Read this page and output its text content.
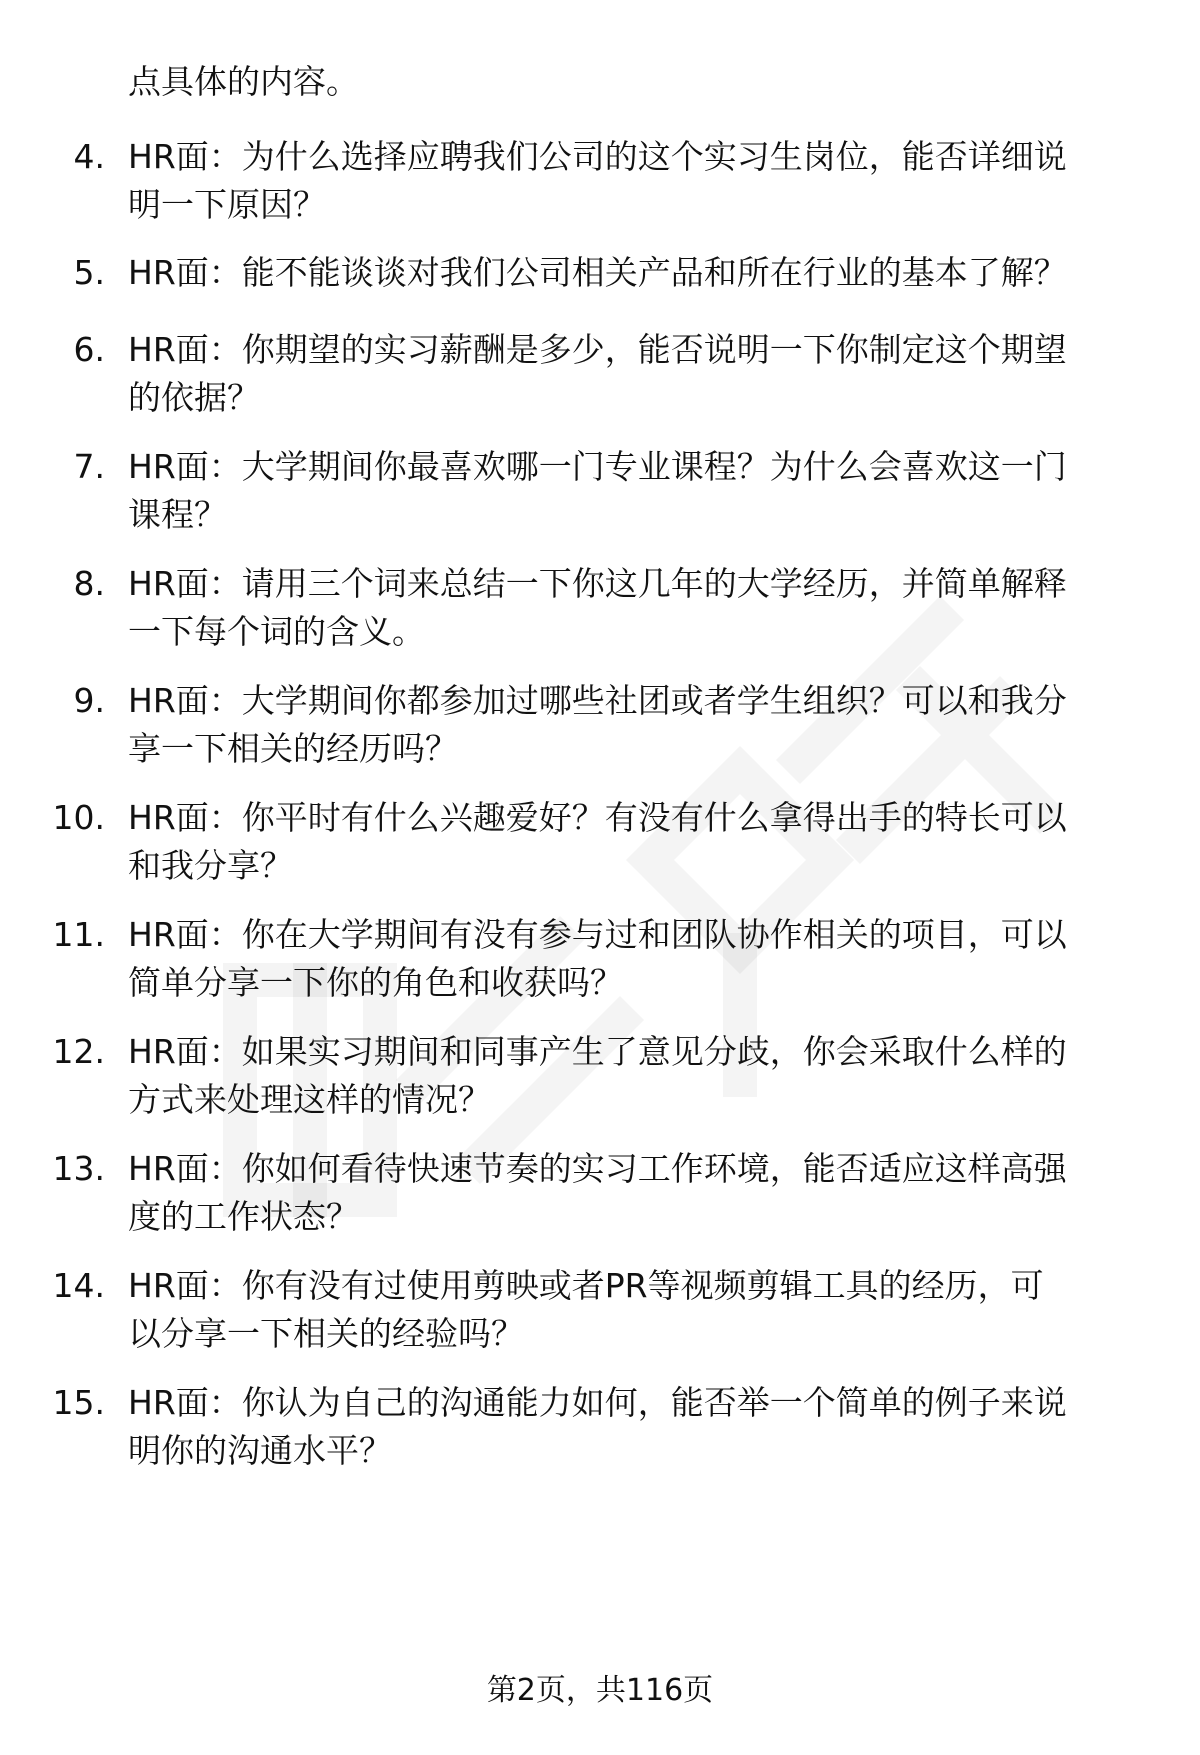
点具体的内容。
4. HR面：为什么选择应聘我们公司的这个实习生岗位，能否详细说
明一下原因？
5. HR面：能不能谈谈对我们公司相关产品和所在行业的基本了解？
6. HR面：你期望的实习薪酬是多少，能否说明一下你制定这个期望
的依据？
7. HR面：大学期间你最喜欢哪一门专业课程？为什么会喜欢这一门
课程？
8. HR面：请用三个词来总结一下你这几年的大学经历，并简单解释
一下每个词的含义。
9. HR面：大学期间你都参加过哪些社团或者学生组织？可以和我分
享一下相关的经历吗？
10. HR面：你平时有什么兴趣爱好？有没有什么拿得出手的特长可以
和我分享？
11. HR面：你在大学期间有没有参与过和团队协作相关的项目，可以
简单分享一下你的角色和收获吗？
12. HR面：如果实习期间和同事产生了意见分歧，你会采取什么样的
方式来处理这样的情况？
13. HR面：你如何看待快速节奏的实习工作环境，能否适应这样高强
度的工作状态？
14. HR面：你有没有过使用剪映或者PR等视频剪辑工具的经历，可
以分享一下相关的经验吗？
15. HR面：你认为自己的沟通能力如何，能否举一个简单的例子来说
明你的沟通水平？
第2页，共116页
